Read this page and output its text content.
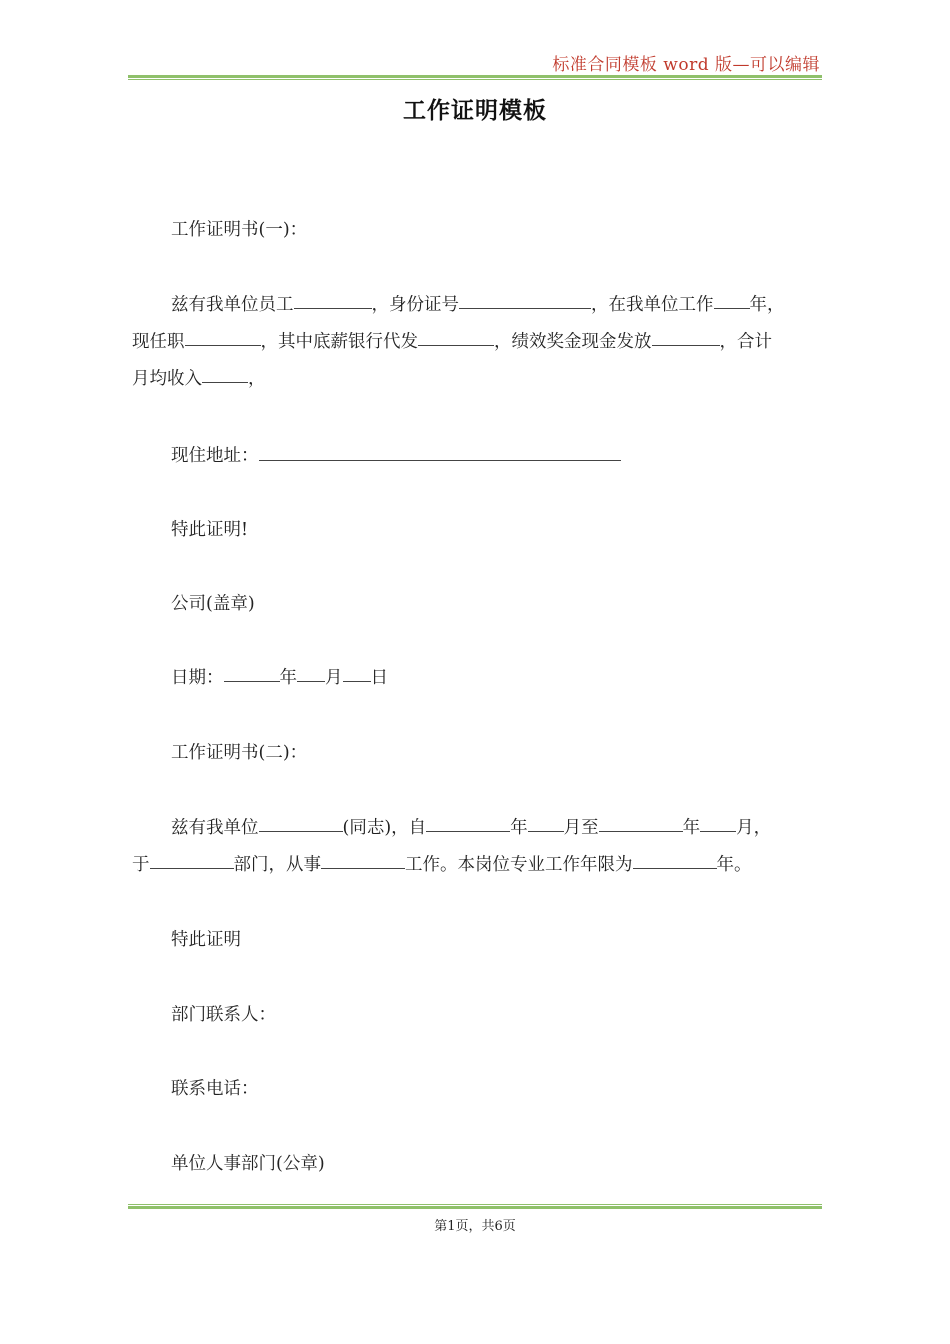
标准合同模板 word 版—可以编辑
工作证明模板
工作证明书(一)：
兹有我单位员工	，身份证号	，在我单位工作 年，
现任职	，其中底薪银行代发	，绩效奖金现金发放	，合计
月均收入	，
现住地址：
特此证明!
公司(盖章)
日期：	年 月 日
工作证明书(二)：
兹有我单位	(同志)，自	年 月至	年 月，
于	部门，从事	工作。本岗位专业工作年限为	年。
特此证明
部门联系人：
联系电话：
单位人事部门(公章)
第1页，共6页
